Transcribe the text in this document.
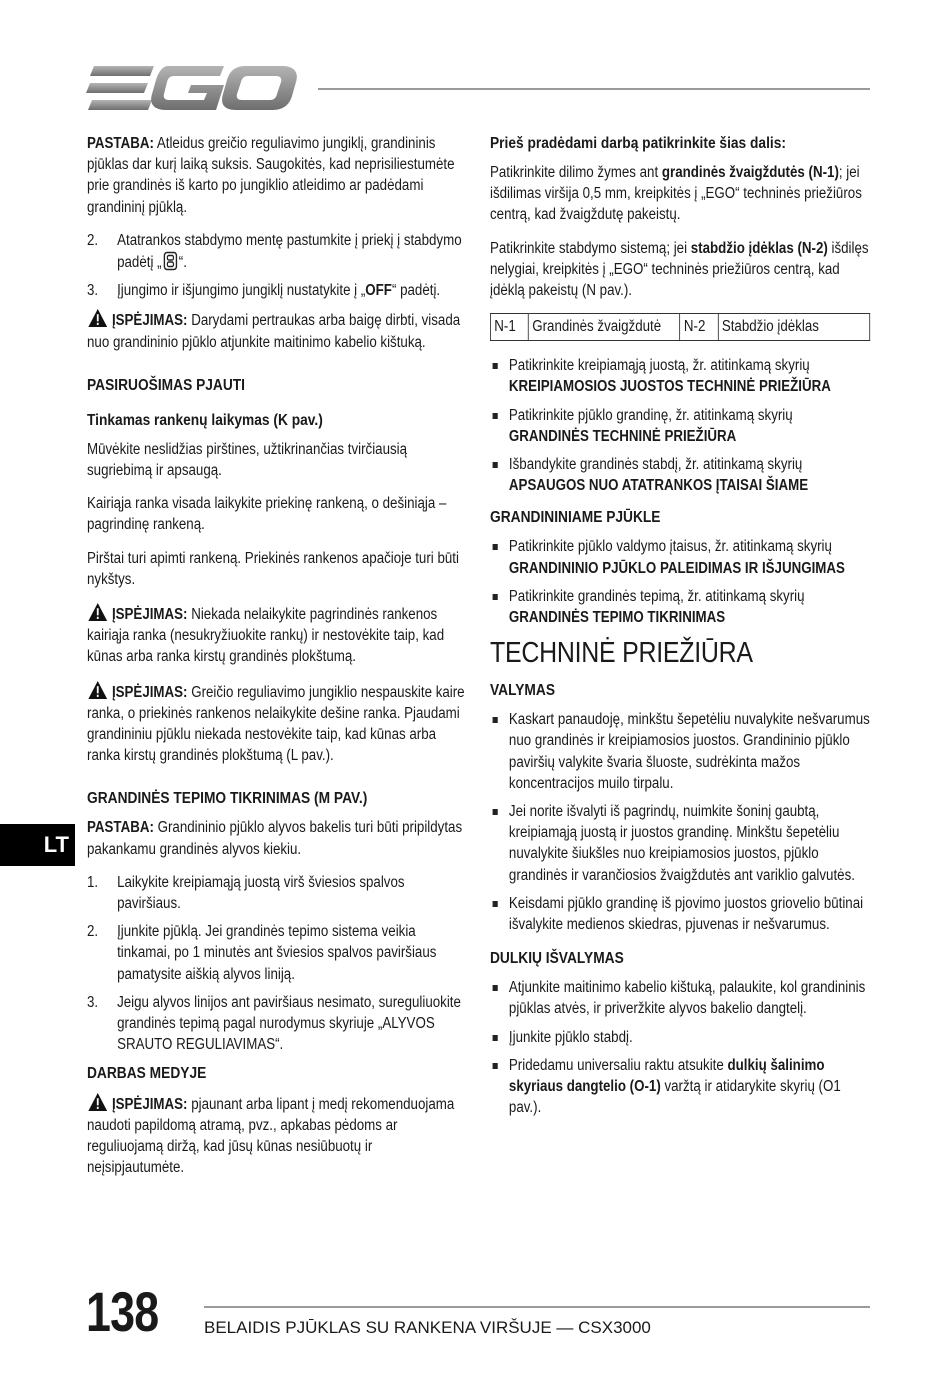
PASTABA: Atleidus greičio reguliavimo jungiklį, grandininis pjūklas dar kurį laiką suksis. Saugokitės, kad neprisiliestumėte prie grandinės iš karto po jungiklio atleidimo ar padėdami grandininį pjūklą.

2. Atatrankos stabdymo mentę pastumkite į priekį į stabdymo padėtį „ “.
3. Įjungimo ir išjungimo jungiklį nustatykite į „OFF“ padėtį.

ĮSPĖJIMAS: Darydami pertraukas arba baigę dirbti, visada nuo grandininio pjūklo atjunkite maitinimo kabelio kištuką.

PASIRUOŠIMAS PJAUTI
Tinkamas rankenų laikymas (K pav.)

Mūvėkite neslidžias pirštines, užtikrinančias tvirčiausią sugriebimą ir apsaugą.

Kairiąja ranka visada laikykite priekinę rankeną, o dešiniąja – pagrindinę rankeną.

Pirštai turi apimti rankeną. Priekinės rankenos apačioje turi būti nykštys.

ĮSPĖJIMAS: Niekada nelaikykite pagrindinės rankenos kairiąja ranka (nesukryžiuokite rankų) ir nestovėkite taip, kad kūnas arba ranka kirstų grandinės plokštumą.

ĮSPĖJIMAS: Greičio reguliavimo jungiklio nespauskite kaire ranka, o priekinės rankenos nelaikykite dešine ranka. Pjaudami grandininiu pjūklu niekada nestovėkite taip, kad kūnas arba ranka kirstų grandinės plokštumą (L pav.).

GRANDINĖS TEPIMO TIKRINIMAS (M PAV.)

PASTABA: Grandininio pjūklo alyvos bakelis turi būti pripildytas pakankamu grandinės alyvos kiekiu.

1. Laikykite kreipiamąją juostą virš šviesios spalvos paviršiaus.
2. Įjunkite pjūklą. Jei grandinės tepimo sistema veikia tinkamai, po 1 minutės ant šviesios spalvos paviršiaus pamatysite aiškią alyvos liniją.
3. Jeigu alyvos linijos ant paviršiaus nesimato, sureguliuokite grandinės tepimą pagal nurodymus skyriuje „ALYVOS SRAUTO REGULIAVIMAS“.
DARBAS MEDYJE

ĮSPĖJIMAS: pjaunant arba lipant į medį rekomenduojama naudoti papildomą atramą, pvz., apkabas pėdoms ar reguliuojamą diržą, kad jūsų kūnas nesiūbuotų ir neįsipjautumėte.

Prieš pradėdami darbą patikrinkite šias dalis:

Patikrinkite dilimo žymes ant grandinės žvaigždutės (N-1); jei išdilimas viršija 0,5 mm, kreipkitės į „EGO“ techninės priežiūros centrą, kad žvaigždutę pakeistų.

Patikrinkite stabdymo sistemą; jei stabdžio įdėklas (N-2) išdilęs nelygiai, kreipkitės į „EGO“ techninės priežiūros centrą, kad įdėklą pakeistų (N pav.).

N-1	Grandinės žvaigždutė	N-2	Stabdžio įdėklas
Patikrinkite kreipiamąją juostą, žr. atitinkamą skyrių KREIPIAMOSIOS JUOSTOS TECHNINĖ PRIEŽIŪRA
Patikrinkite pjūklo grandinę, žr. atitinkamą skyrių GRANDINĖS TECHNINĖ PRIEŽIŪRA
Išbandykite grandinės stabdį, žr. atitinkamą skyrių APSAUGOS NUO ATATRANKOS ĮTAISAI ŠIAME
GRANDININIAME PJŪKLE
Patikrinkite pjūklo valdymo įtaisus, žr. atitinkamą skyrių GRANDININIO PJŪKLO PALEIDIMAS IR IŠJUNGIMAS
Patikrinkite grandinės tepimą, žr. atitinkamą skyrių GRANDINĖS TEPIMO TIKRINIMAS
TECHNINĖ PRIEŽIŪRA
VALYMAS
Kaskart panaudoję, minkštu šepetėliu nuvalykite nešvarumus nuo grandinės ir kreipiamosios juostos. Grandininio pjūklo paviršių valykite švaria šluoste, sudrėkinta mažos koncentracijos muilo tirpalu.
Jei norite išvalyti iš pagrindų, nuimkite šoninį gaubtą, kreipiamąją juostą ir juostos grandinę. Minkštu šepetėliu nuvalykite šiukšles nuo kreipiamosios juostos, pjūklo grandinės ir varančiosios žvaigždutės ant variklio galvutės.
Keisdami pjūklo grandinę iš pjovimo juostos griovelio būtinai išvalykite medienos skiedras, pjuvenas ir nešvarumus.
DULKIŲ IŠVALYMAS
Atjunkite maitinimo kabelio kištuką, palaukite, kol grandininis pjūklas atvės, ir priveržkite alyvos bakelio dangtelį.
Įjunkite pjūklo stabdį.
Pridedamu universaliu raktu atsukite dulkių šalinimo skyriaus dangtelio (O-1) varžtą ir atidarykite skyrių (O1 pav.).
LT
138	BELAIDIS PJŪKLAS SU RANKENA VIRŠUJE — CSX3000
